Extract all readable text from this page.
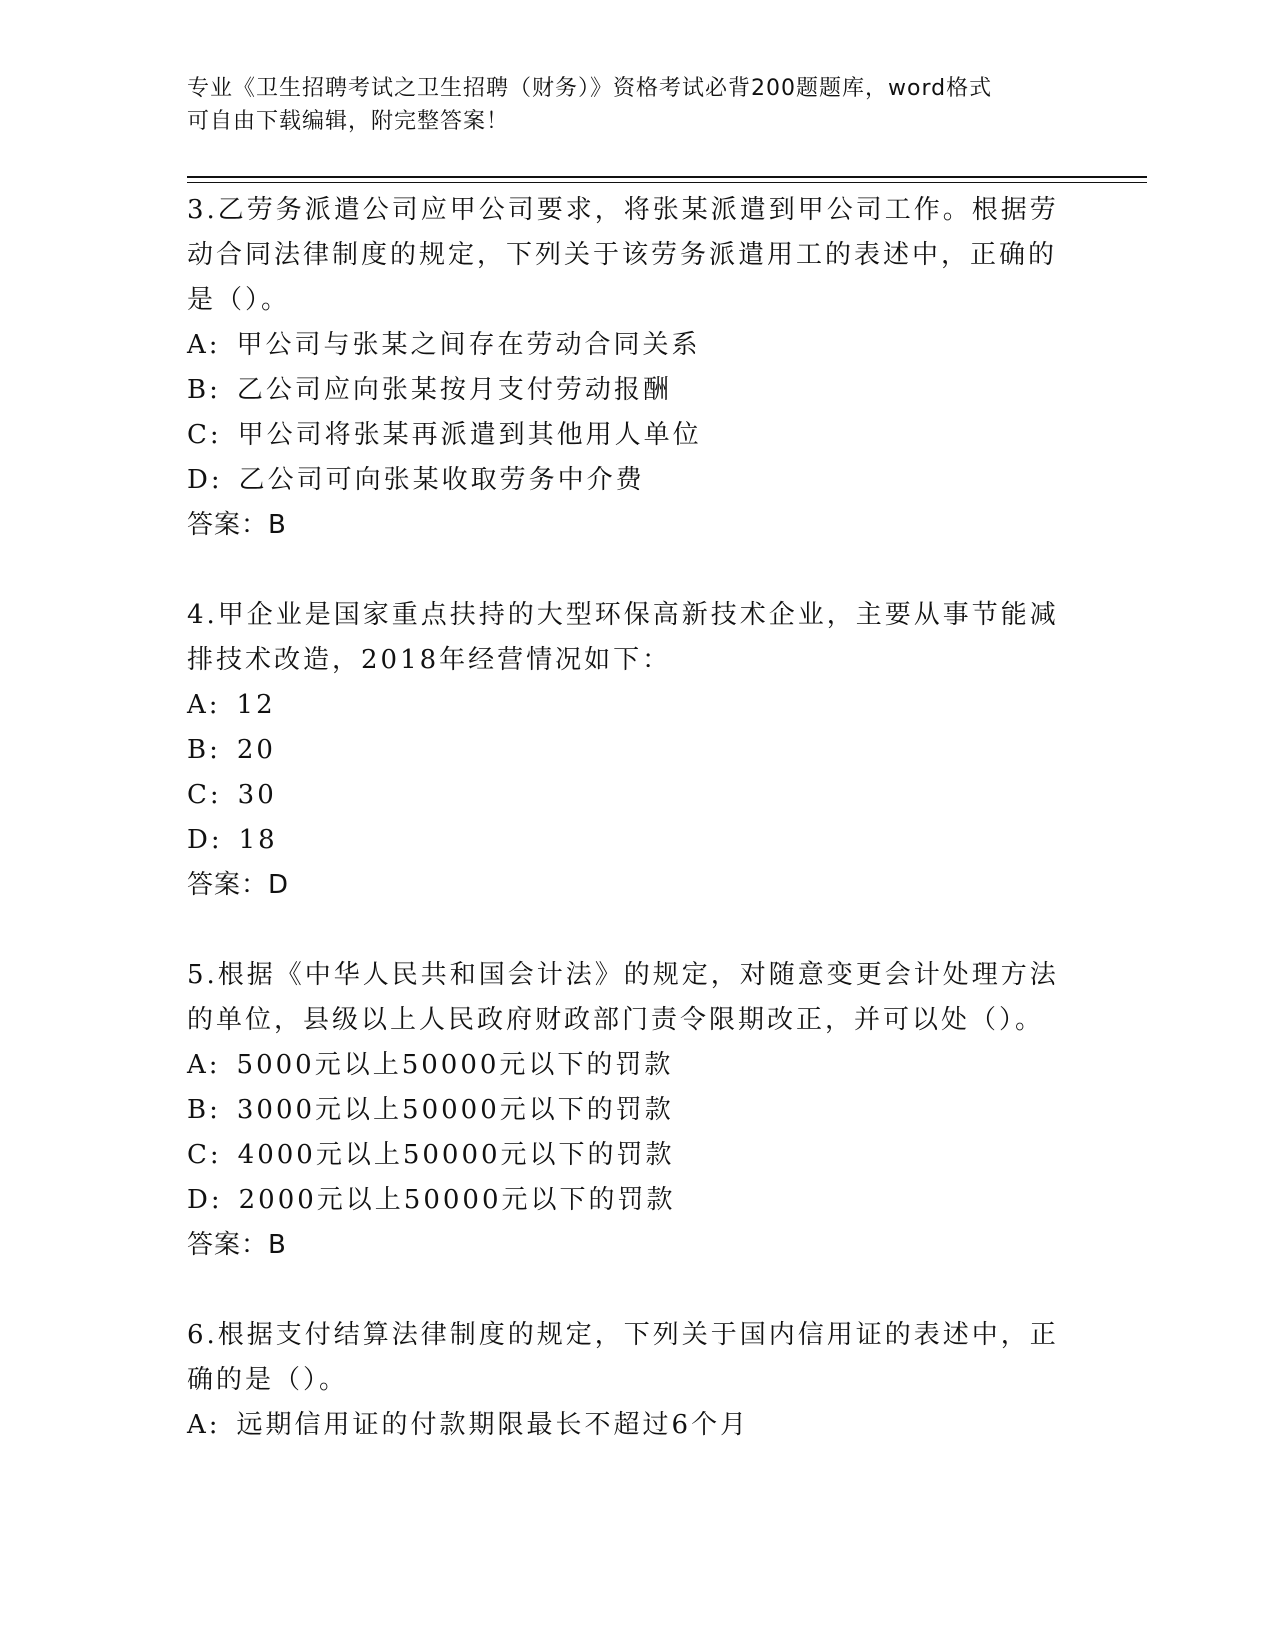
专业《卫生招聘考试之卫生招聘（财务）》资格考试必背200题题库，word格式
可自由下载编辑，附完整答案！
3.乙劳务派遣公司应甲公司要求，将张某派遣到甲公司工作。根据劳
动合同法律制度的规定，下列关于该劳务派遣用工的表述中，正确的
是（）。
A: 甲公司与张某之间存在劳动合同关系
B: 乙公司应向张某按月支付劳动报酬
C: 甲公司将张某再派遣到其他用人单位
D: 乙公司可向张某收取劳务中介费
答案：B
4.甲企业是国家重点扶持的大型环保高新技术企业，主要从事节能减
排技术改造，2018年经营情况如下：
A: 12
B: 20
C: 30
D: 18
答案：D
5.根据《中华人民共和国会计法》的规定，对随意变更会计处理方法
的单位，县级以上人民政府财政部门责令限期改正，并可以处（）。
A: 5000元以上50000元以下的罚款
B: 3000元以上50000元以下的罚款
C: 4000元以上50000元以下的罚款
D: 2000元以上50000元以下的罚款
答案：B
6.根据支付结算法律制度的规定，下列关于国内信用证的表述中，正
确的是（）。
A: 远期信用证的付款期限最长不超过6个月
